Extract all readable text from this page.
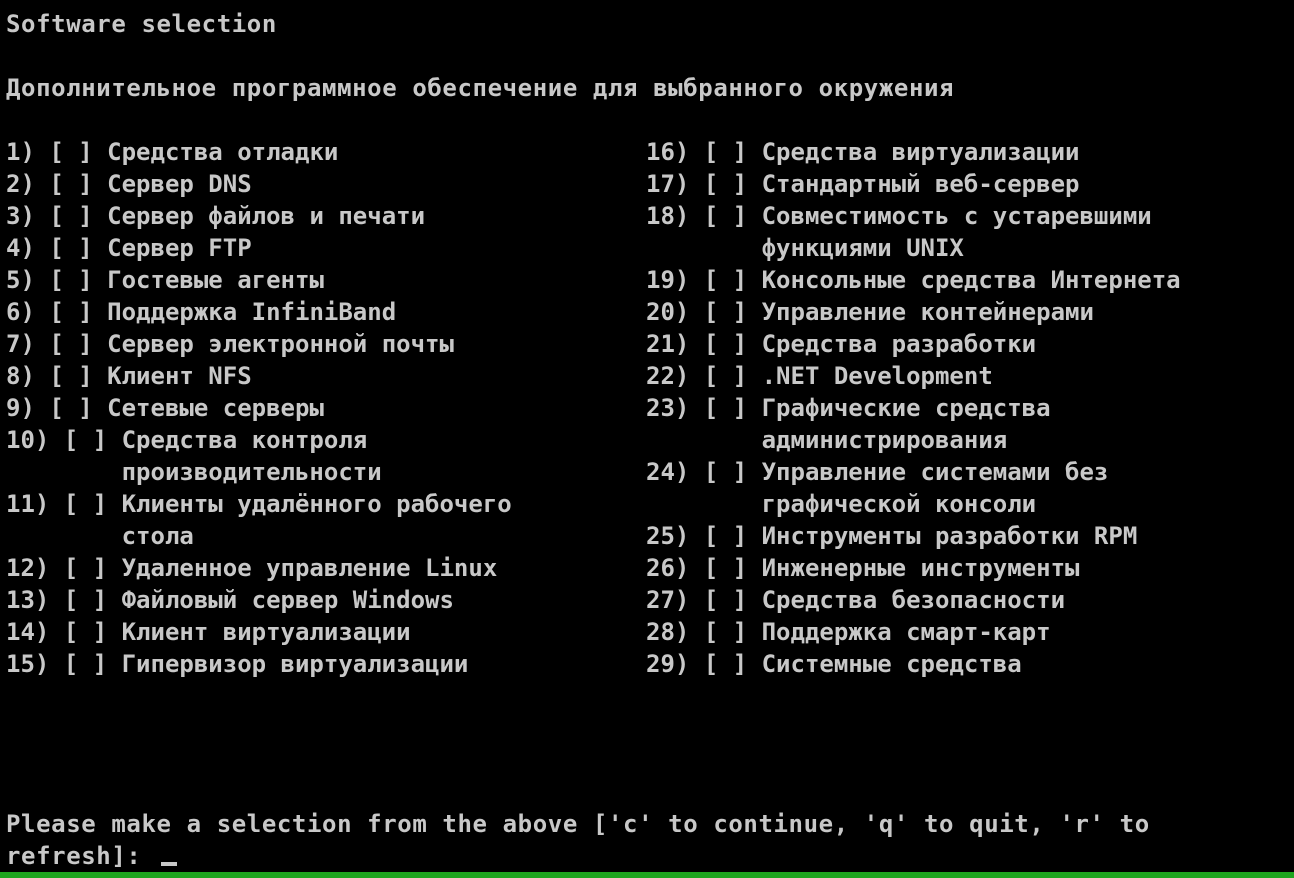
Software selection
Дополнительное программное обеспечение для выбранного окружения
1) [ ] Средства отладки
2) [ ] Сервер DNS
3) [ ] Сервер файлов и печати
4) [ ] Сервер FTP
5) [ ] Гостевые агенты
6) [ ] Поддержка InfiniBand
7) [ ] Сервер электронной почты
8) [ ] Клиент NFS
9) [ ] Сетевые серверы
10) [ ] Средства контроля
производительности
11) [ ] Клиенты удалённого рабочего
стола
12) [ ] Удаленное управление Linux
13) [ ] Файловый сервер Windows
14) [ ] Клиент виртуализации
15) [ ] Гипервизор виртуализации
16) [ ] Средства виртуализации
17) [ ] Стандартный веб-сервер
18) [ ] Совместимость с устаревшими
функциями UNIX
19) [ ] Консольные средства Интернета
20) [ ] Управление контейнерами
21) [ ] Средства разработки
22) [ ] .NET Development
23) [ ] Графические средства
администрирования
24) [ ] Управление системами без
графической консоли
25) [ ] Инструменты разработки RPM
26) [ ] Инженерные инструменты
27) [ ] Средства безопасности
28) [ ] Поддержка смарт-карт
29) [ ] Системные средства
Please make a selection from the above ['c' to continue, 'q' to quit, 'r' to
refresh]:
